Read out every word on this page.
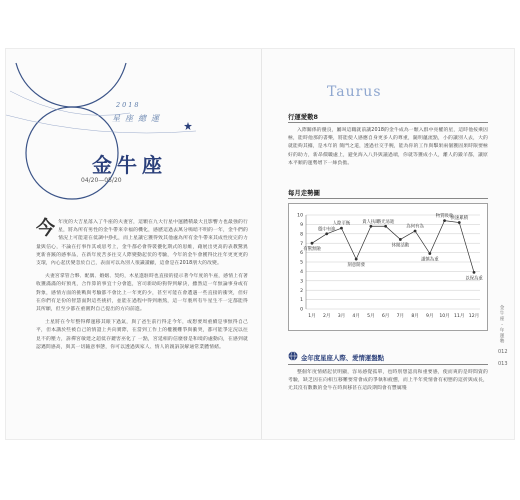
2018
星座總運
金牛座
04/20—05/20

今年度的大吉星落入了牛座的夫妻宮，這顆在九大行星中運體積最大且影響力也最強的行星，將為所有男性的金牛帶來幸福的機化，感歷這過去萬分鳴暗不明的一年，金牛們的情況上可能還在低調中挣扎，而上星讓它獲得致其他處為所有金牛帶來其成性度完的力量與信心，不論在打事作其或思考上，金牛都必會得裝優化期式的思維，藉展出更高的表教驚異更新喜蹊的感事品，在新年度苦多往交人際變動起伏的考驗，今年的金牛會獲得比往年更更更的支環，內心起伏變忽於自己，表面可以為別人很識讀顧，這會是在2018朋大的改變。

夫妻宮掌管合夥、配偶、婚姻、契約，木星進駐時也直接的提示著今年度的牛座，感情上有著收獲滿滿的好預兆，合作算的事宜十分會進，宮司新助盼狗得到解決，雖然這一年無論事身或有對象，感情方面的挑戰與考驗都不會比上一年更的少，甚至可能在會遭遇一些直接的衝突，但好在你們有足份的智慧面對這些挑折，並能在過程中得到磨熬，這一年裏所有牛星生不一定都能得其所願，但至少都在重圍對自己提出的方向前進。

土星將在今年整得釋運移其眼下過氣，與了爸生前行得走今年，或想要周重續是事無得自己平，但本講於些被自己的情證上共向實際，在當到工作上的權獲難爭與衝突，都可能爭定況以往見不的壓力，訴禪宮敏建之超低存鍵害巫化了 一點，宮延相的信麼發是和境的處動向，在感到就認邁問感高，與其一切隨意事態，你可以透過與家人、情人的親訴誤解通常業體情緒。

Taurus
行運愛數8
入際關係的優良，屬叫這職就前讓2018的金牛成為一顆入群中亮權的星，這時他按乘因極，能時他那的書樂，將能使人感應自身更多人的尊重，隨明蘊流點，小的讓別人去，大的就能夠其據，是木年的 簡門之道，透過社交手腕，能為你的工作與擊果兩個獲固果時限要極好的助力，新昂價職處上，避免海入八卦與議過端，你就等獲成小人，離人的鍛羊都，讓原本平順的運勢增下一絲負擔。
每月走勢圖
0
1
2
3
4
5
6
7
8
9
10
1月 2月 3月 4月 5月 6月 7月 8月 9月 10月 11月 12月
有驚無險
穩中有進
人際平衡
刻意開發
貴人扶助
時光易逝
休閒活動
為何有為
謹慎為重
物質吸收
快速累積
以保為重
金年度星座人際、愛情運盤點
整個年度情緒起伏明顯，容易感覺孤單，也時別想認真和重要感，使而爽的是時間資的考驗，缺乏因在向相互移難要常會成的爭執和疲憊，而上半年愛情會有初戀的這折與成長，尤其沒有數數的金牛在時與移甚在這段期間會有豐厲殘
金牛座・年運勢
012
013
